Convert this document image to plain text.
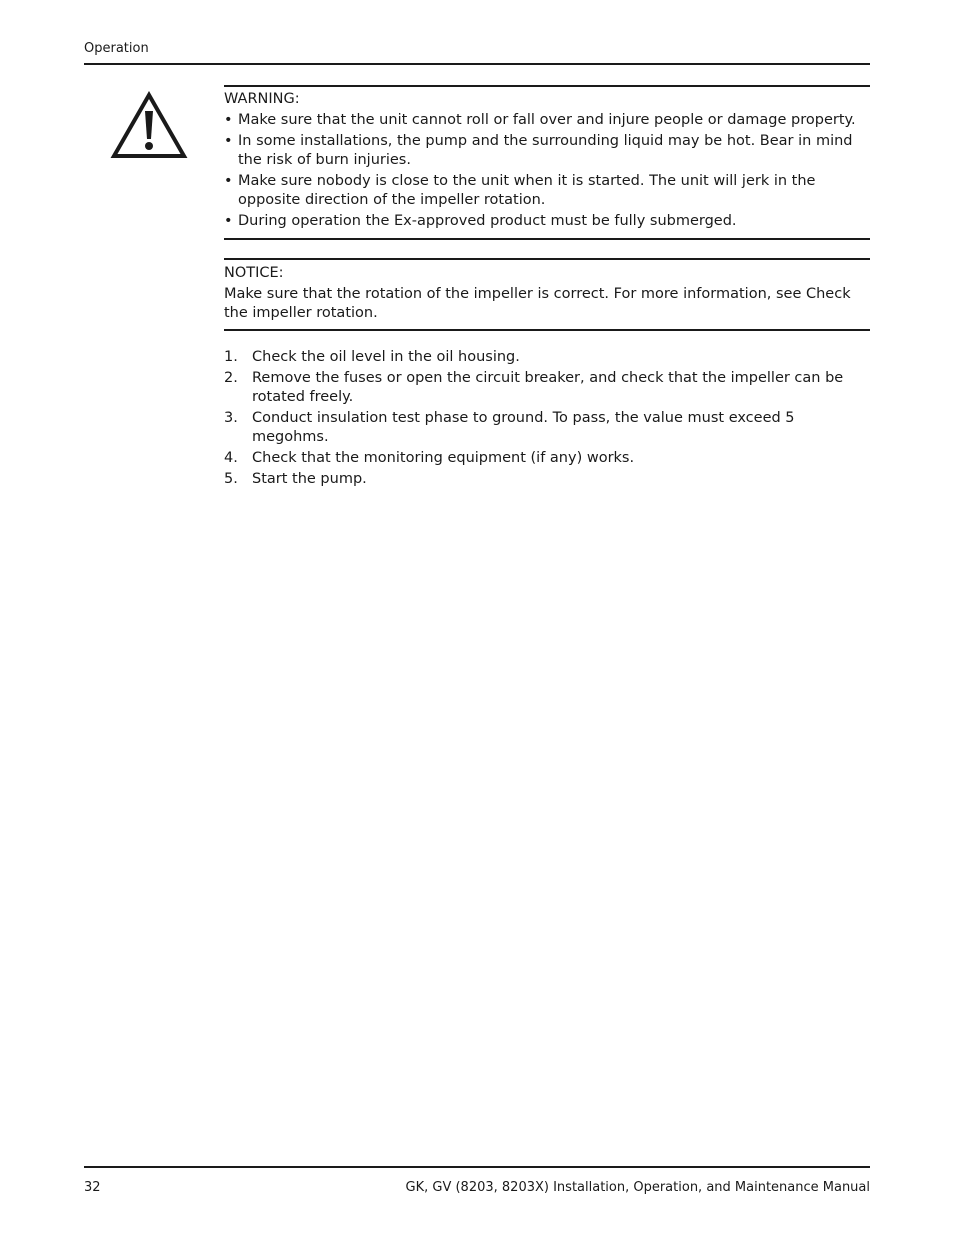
Operation
WARNING:
• Make sure that the unit cannot roll or fall over and injure people or damage property.
• In some installations, the pump and the surrounding liquid may be hot. Bear in mind the risk of burn injuries.
• Make sure nobody is close to the unit when it is started. The unit will jerk in the opposite direction of the impeller rotation.
• During operation the Ex-approved product must be fully submerged.
NOTICE:
Make sure that the rotation of the impeller is correct. For more information, see Check the impeller rotation.
1. Check the oil level in the oil housing.
2. Remove the fuses or open the circuit breaker, and check that the impeller can be rotated freely.
3. Conduct insulation test phase to ground. To pass, the value must exceed 5 megohms.
4. Check that the monitoring equipment (if any) works.
5. Start the pump.
32	GK, GV (8203, 8203X) Installation, Operation, and Maintenance Manual
